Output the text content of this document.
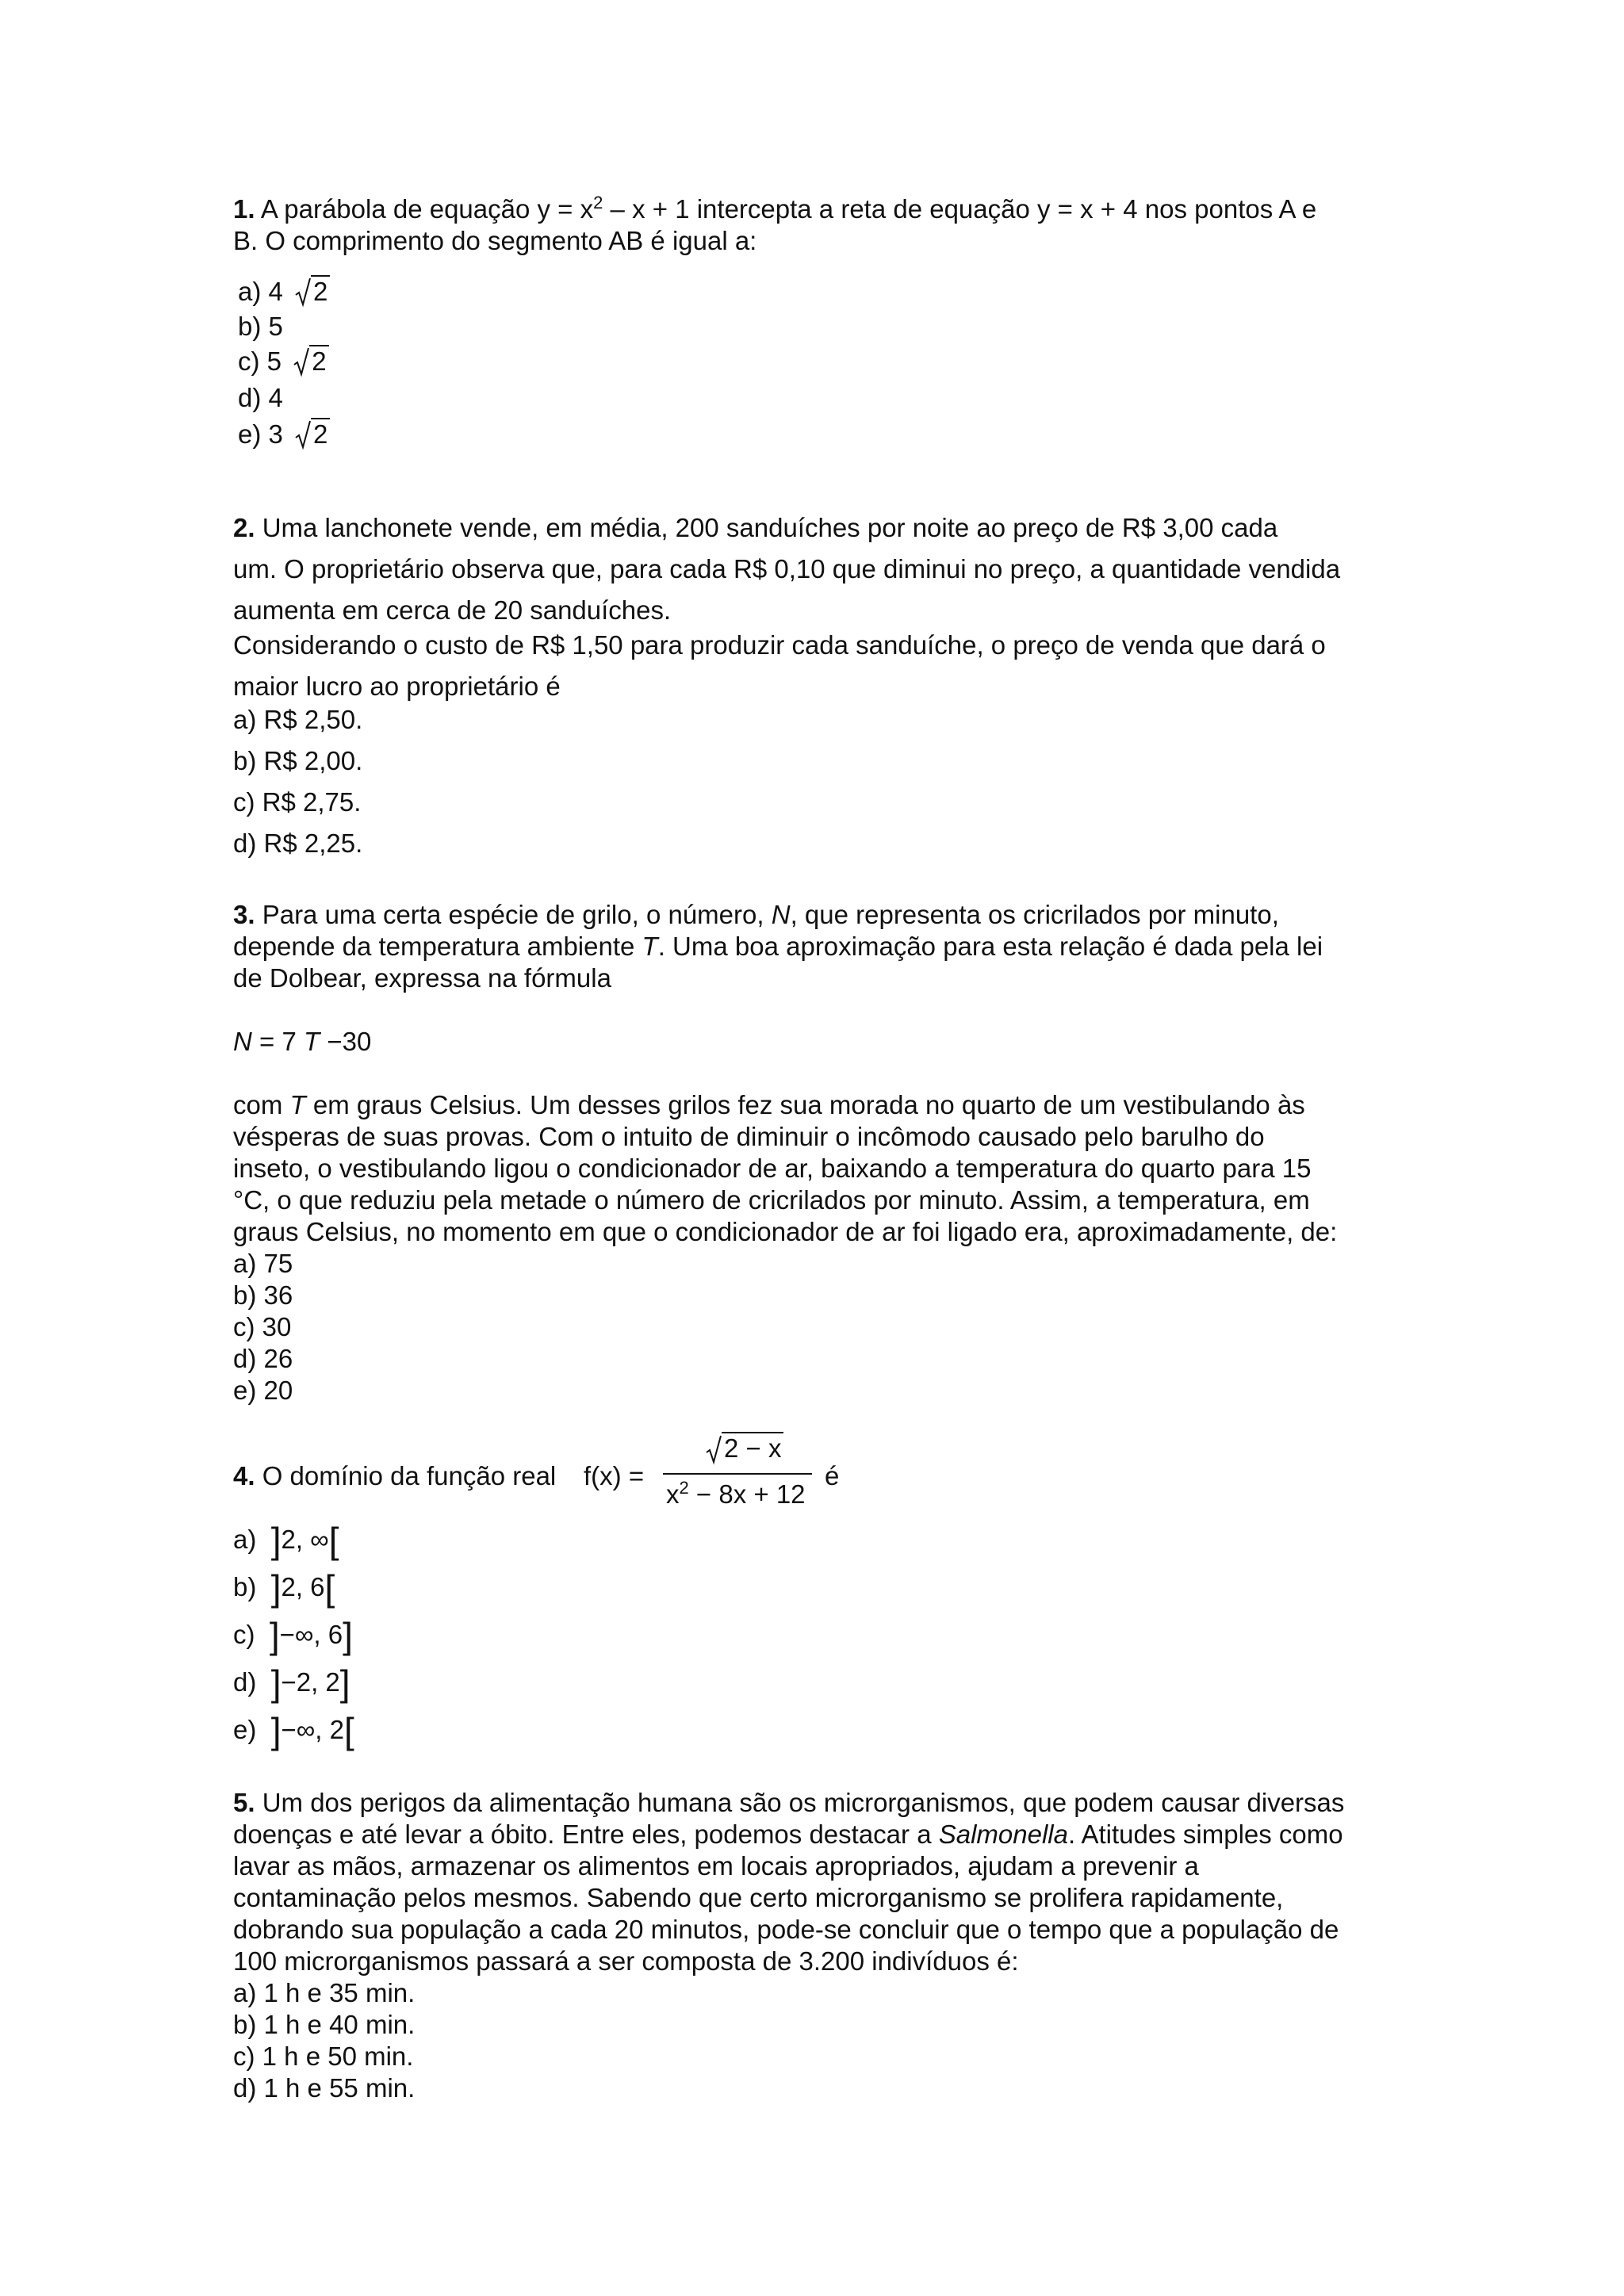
1. A parábola de equação $y = x^2 - x + 1$ intercepta a reta de equação y = x + 4 nos pontos A e
B. O comprimento do segmento AB é igual a:
a) 4 2
b) 5
c) 5 2
d) 4
e) 3 2
2. Uma lanchonete vende, em média, 200 sanduíches por noite ao preço de R$ 3,00 cada
um. O proprietário observa que, para cada R$ 0,10 que diminui no preço, a quantidade vendida
aumenta em cerca de 20 sanduíches.
Considerando o custo de R$ 1,50 para produzir cada sanduíche, o preço de venda que dará o
maior lucro ao proprietário é
a) R$ 2,50.
b) R$ 2,00.
c) R$ 2,75.
d) R$ 2,25.
3. Para uma certa espécie de grilo, o número, N, que representa os cricrilados por minuto,
depende da temperatura ambiente T. Uma boa aproximação para esta relação é dada pela lei
de Dolbear, expressa na fórmula
N = 7 T −30
com T em graus Celsius. Um desses grilos fez sua morada no quarto de um vestibulando às
vésperas de suas provas. Com o intuito de diminuir o incômodo causado pelo barulho do
inseto, o vestibulando ligou o condicionador de ar, baixando a temperatura do quarto para 15
°C, o que reduziu pela metade o número de cricrilados por minuto. Assim, a temperatura, em
graus Celsius, no momento em que o condicionador de ar foi ligado era, aproximadamente, de:
a) 75
b) 36
c) 30
d) 26
e) 20
4. O domínio da função real	f(x) =
2 − x
$x^2 - 8x + 12$
é
a) ]2, ∞[
b) ]2, 6[
c) ]−∞, 6]
d) ]−2, 2]
e) ]−∞, 2[
5. Um dos perigos da alimentação humana são os microrganismos, que podem causar diversas
doenças e até levar a óbito. Entre eles, podemos destacar a Salmonella. Atitudes simples como
lavar as mãos, armazenar os alimentos em locais apropriados, ajudam a prevenir a
contaminação pelos mesmos. Sabendo que certo microrganismo se prolifera rapidamente,
dobrando sua população a cada 20 minutos, pode-se concluir que o tempo que a população de
100 microrganismos passará a ser composta de 3.200 indivíduos é:
a) 1 h e 35 min.
b) 1 h e 40 min.
c) 1 h e 50 min.
d) 1 h e 55 min.
